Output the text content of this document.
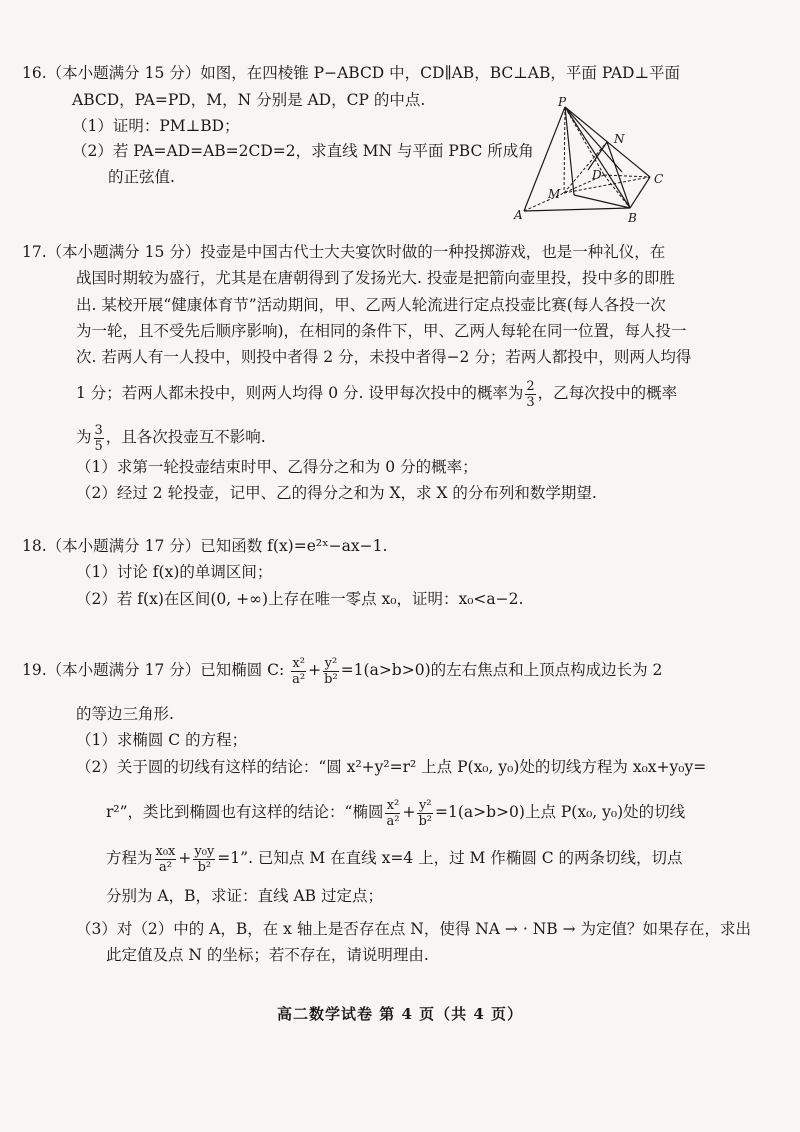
16.（本小题满分 15 分）如图，在四棱锥 P−ABCD 中，CD∥AB，BC⊥AB，平面 PAD⊥平面
ABCD，PA=PD，M，N 分别是 AD，CP 的中点.
（1）证明：PM⊥BD；
（2）若 PA=AD=AB=2CD=2，求直线 MN 与平面 PBC 所成角
的正弦值.
P
N
D	C
M
A	B
17.（本小题满分 15 分）投壶是中国古代士大夫宴饮时做的一种投掷游戏，也是一种礼仪，在
战国时期较为盛行，尤其是在唐朝得到了发扬光大. 投壶是把箭向壶里投，投中多的即胜
出. 某校开展“健康体育节”活动期间，甲、乙两人轮流进行定点投壶比赛(每人各投一次
为一轮，且不受先后顺序影响)，在相同的条件下，甲、乙两人每轮在同一位置，每人投一
次. 若两人有一人投中，则投中者得 2 分，未投中者得−2 分；若两人都投中，则两人均得
1 分；若两人都未投中，则两人均得 0 分. 设甲每次投中的概率为 $\frac{2}{3}$ ，乙每次投中的概率
为 $\frac{3}{5}$ ，且各次投壶互不影响.
（1）求第一轮投壶结束时甲、乙得分之和为 0 分的概率；
（2）经过 2 轮投壶，记甲、乙的得分之和为 X，求 X 的分布列和数学期望.
18.（本小题满分 17 分）已知函数 f(x)=e²ˣ−ax−1.
（1）讨论 f(x)的单调区间；
（2）若 f(x)在区间(0, +∞)上存在唯一零点 x₀，证明：x₀<a−2.
19.（本小题满分 17 分）已知椭圆 C: $\frac{\text{x²}}{\text{a²}} + \frac{\text{y²}}{\text{b²}} =1(a>b>0)$的左右焦点和上顶点构成边长为 2
的等边三角形.
（1）求椭圆 C 的方程；
（2）关于圆的切线有这样的结论：“圆 x²+y²=r² 上点 P(x₀, y₀)处的切线方程为 x₀x+y₀y=
r²”，类比到椭圆也有这样的结论：“椭圆 $\frac{\text{x²}}{\text{a²}} + \frac{\text{y²}}{\text{b²}} =1(a>b>0)$上点 P(x₀, y₀)处的切线
方程为 $\frac{\text{x₀x}}{\text{a²}} + \frac{\text{y₀y}}{\text{b²}} =1$”. 已知点 M 在直线 x=4 上，过 M 作椭圆 C 的两条切线，切点
分别为 A，B，求证：直线 AB 过定点；
（3）对（2）中的 A，B，在 x 轴上是否存在点 N，使得 NA → · NB → 为定值？如果存在，求出
此定值及点 N 的坐标；若不存在，请说明理由.
高二数学试卷 第 4 页（共 4 页）
